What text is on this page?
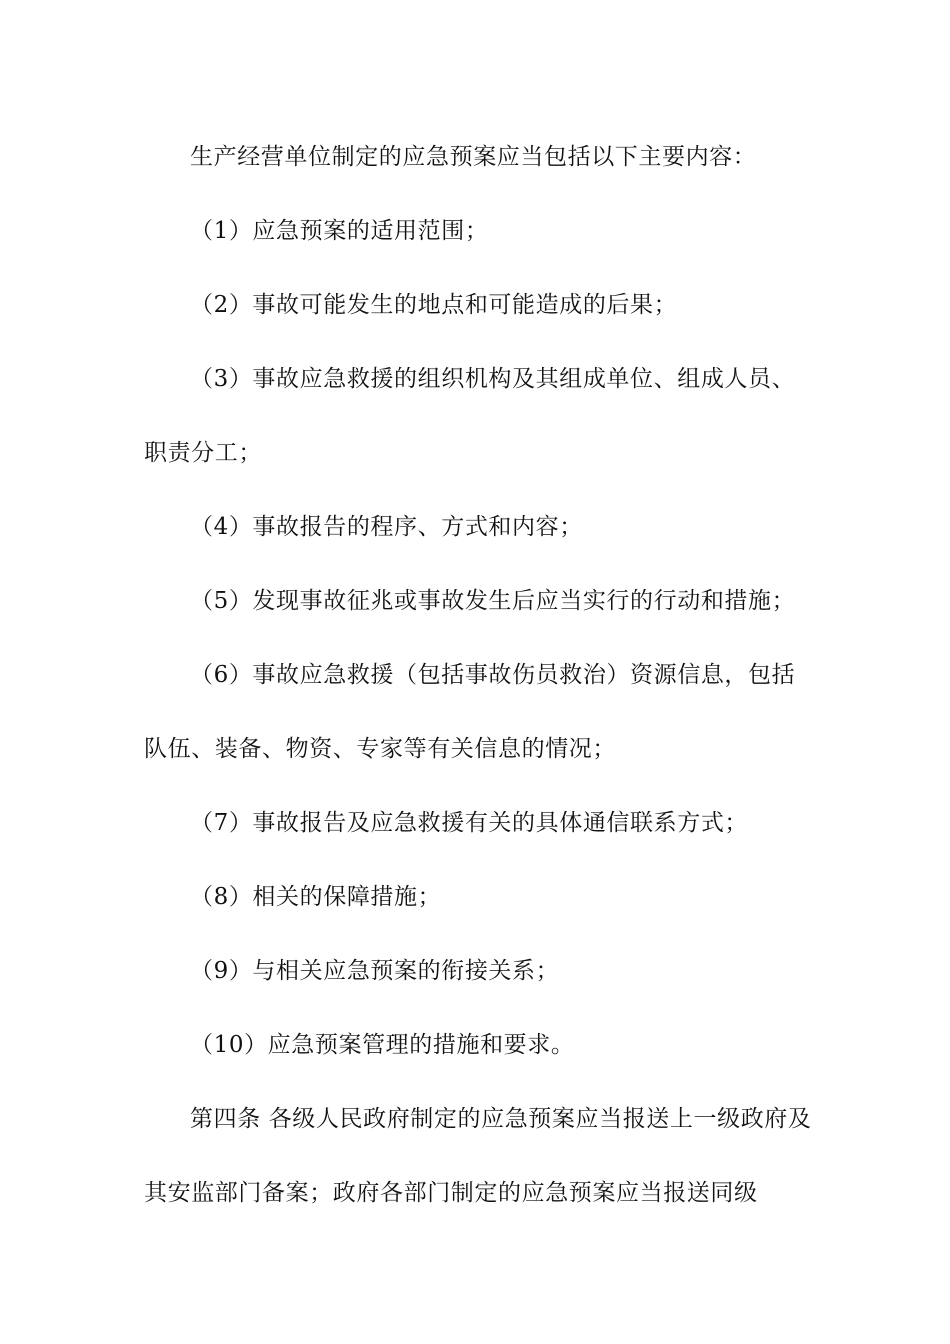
生产经营单位制定的应急预案应当包括以下主要内容：

（1）应急预案的适用范围；

（2）事故可能发生的地点和可能造成的后果；

（3）事故应急救援的组织机构及其组成单位、组成人员、职责分工；

（4）事故报告的程序、方式和内容；

（5）发现事故征兆或事故发生后应当实行的行动和措施；

（6）事故应急救援（包括事故伤员救治）资源信息，包括队伍、装备、物资、专家等有关信息的情况；

（7）事故报告及应急救援有关的具体通信联系方式；

（8）相关的保障措施；

（9）与相关应急预案的衔接关系；

（10）应急预案管理的措施和要求。

第四条 各级人民政府制定的应急预案应当报送上一级政府及其安监部门备案；政府各部门制定的应急预案应当报送同级
